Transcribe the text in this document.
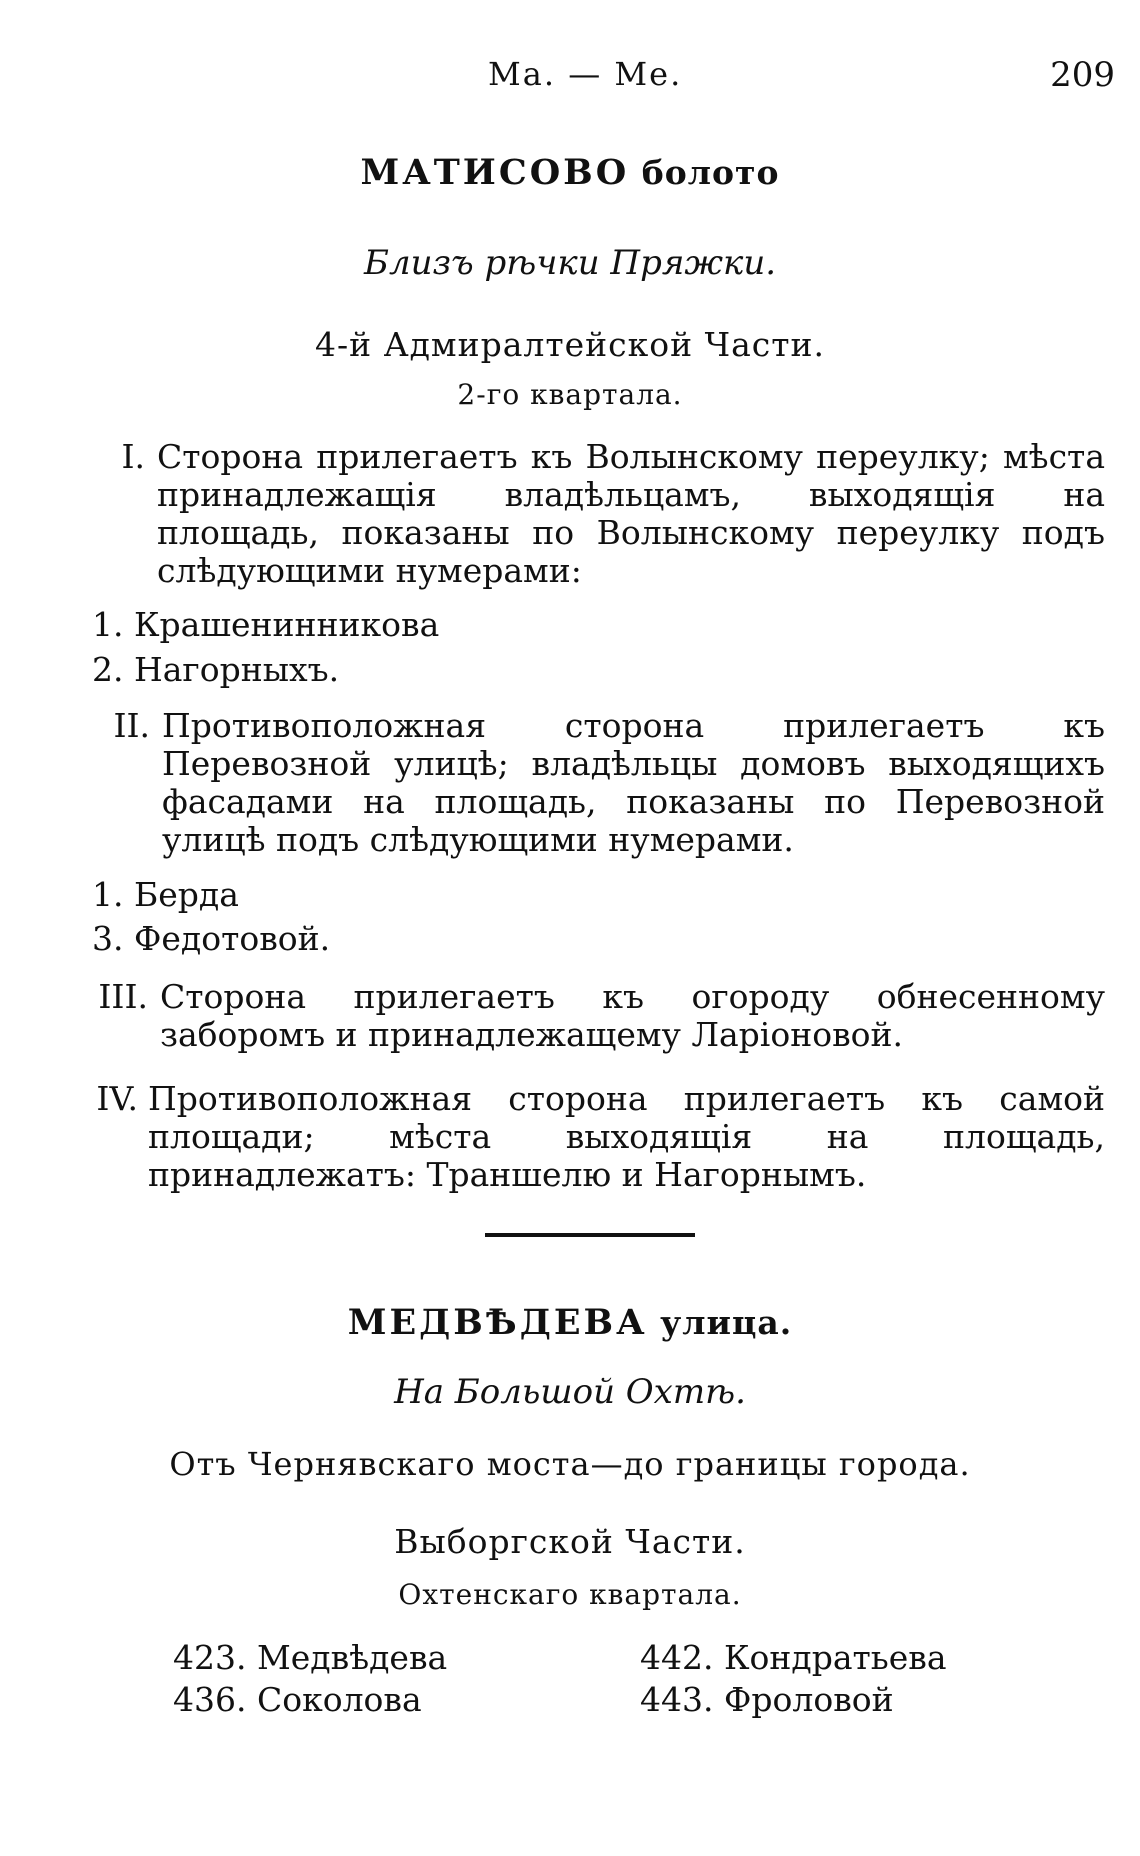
Ма. — Ме.	209
МАТИСОВО болото
Близъ рѣчки Пряжки.
4-й Адмиралтейской Части.
2-го квартала.
I. Сторона прилегаетъ къ Волынскому переулку; мѣста принадлежащія владѣльцамъ, выходящія на площадь, показаны по Волынскому переулку подъ слѣдующими нумерами:
1. Крашенинникова
2. Нагорныхъ.
II. Противоположная сторона прилегаетъ къ Перевозной улицѣ; владѣльцы домовъ выходящихъ фасадами на площадь, показаны по Перевозной улицѣ подъ слѣдующими нумерами.
1. Берда
3. Федотовой.
III. Сторона прилегаетъ къ огороду обнесенному заборомъ и принадлежащему Ларіоновой.
IV. Противоположная сторона прилегаетъ къ самой площади; мѣста выходящія на площадь, принадлежатъ: Траншелю и Нагорнымъ.
МЕДВѢДЕВА улица.
На Большой Охтѣ.
Отъ Чернявскаго моста—до границы города.
Выборгской Части.
Охтенскаго квартала.
423. Медвѣдева
436. Соколова
442. Кондратьева
443. Фроловой
